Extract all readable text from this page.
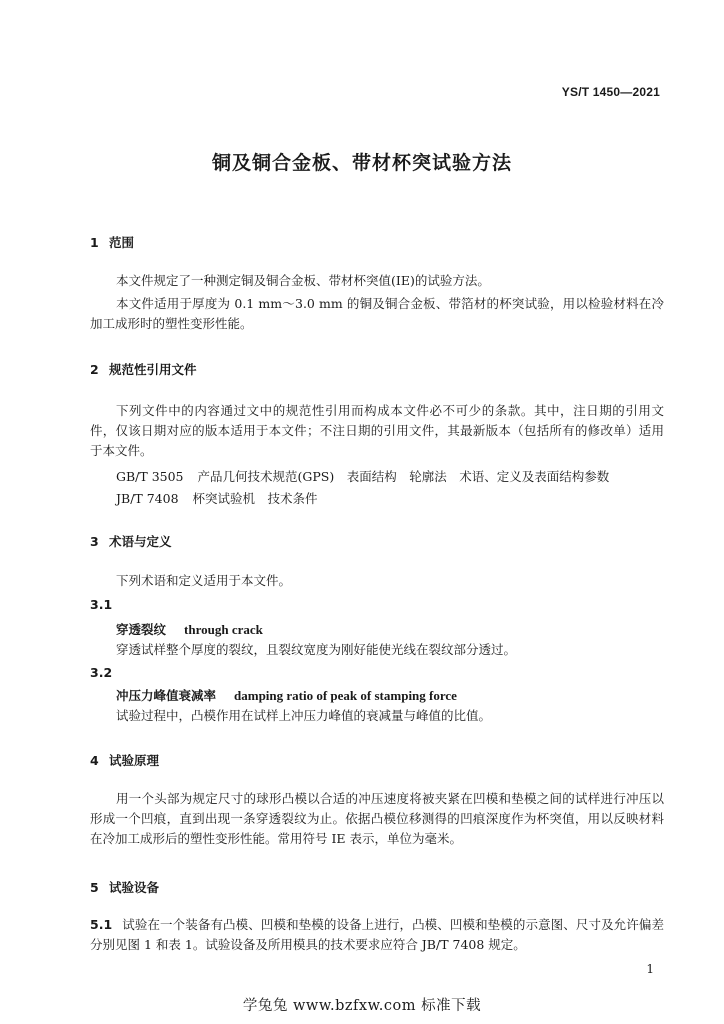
YS/T 1450—2021
铜及铜合金板、带材杯突试验方法
1 范围
本文件规定了一种测定铜及铜合金板、带材杯突值(IE)的试验方法。
本文件适用于厚度为 0.1 mm～3.0 mm 的铜及铜合金板、带箔材的杯突试验，用以检验材料在冷加工成形时的塑性变形性能。
2 规范性引用文件
下列文件中的内容通过文中的规范性引用而构成本文件必不可少的条款。其中，注日期的引用文件，仅该日期对应的版本适用于本文件；不注日期的引用文件，其最新版本（包括所有的修改单）适用于本文件。
GB/T 3505 产品几何技术规范(GPS)　表面结构　轮廓法　术语、定义及表面结构参数
JB/T 7408 杯突试验机　技术条件
3 术语与定义
下列术语和定义适用于本文件。
3.1
穿透裂纹 through crack
穿透试样整个厚度的裂纹，且裂纹宽度为刚好能使光线在裂纹部分透过。
3.2
冲压力峰值衰减率 damping ratio of peak of stamping force
试验过程中，凸模作用在试样上冲压力峰值的衰减量与峰值的比值。
4 试验原理
用一个头部为规定尺寸的球形凸模以合适的冲压速度将被夹紧在凹模和垫模之间的试样进行冲压以形成一个凹痕，直到出现一条穿透裂纹为止。依据凸模位移测得的凹痕深度作为杯突值，用以反映材料在冷加工成形后的塑性变形性能。常用符号 IE 表示，单位为毫米。
5 试验设备
5.1 试验在一个装备有凸模、凹模和垫模的设备上进行，凸模、凹模和垫模的示意图、尺寸及允许偏差分别见图 1 和表 1。试验设备及所用模具的技术要求应符合 JB/T 7408 规定。
1
学兔兔 www.bzfxw.com 标准下载
